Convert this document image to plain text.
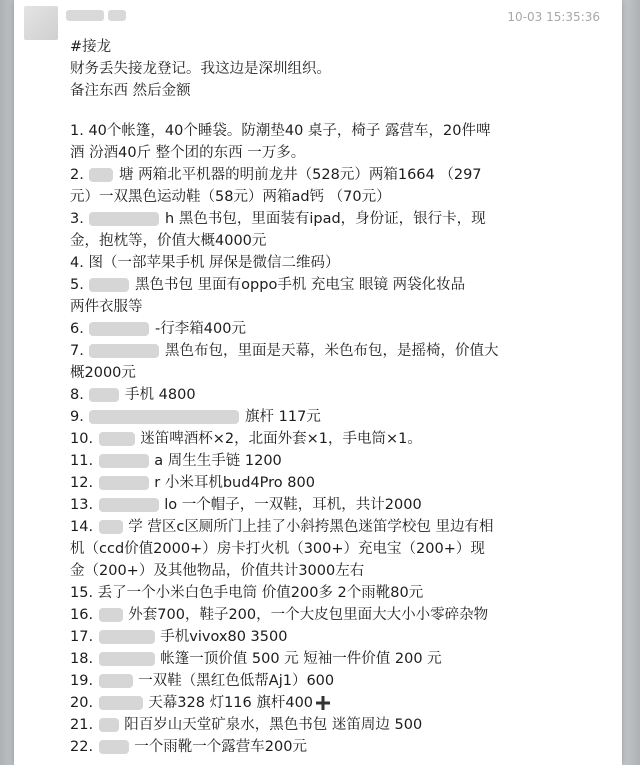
10-03 15:35:36
#接龙
财务丢失接龙登记。我这边是深圳组织。
备注东西 然后金额
1. 40个帐篷，40个睡袋。防潮垫40 桌子，椅子 露营车，20件啤
酒 汾酒40斤 整个团的东西 一万多。
2.  塘 两箱北平机器的明前龙井（528元）两箱1664 （297
元）一双黑色运动鞋（58元）两箱ad钙 （70元）
3.	h 黑色书包，里面装有ipad，身份证，银行卡，现
金，抱枕等，价值大概4000元
4. 图（一部苹果手机 屏保是微信二维码）
5.	黑色书包 里面有oppo手机 充电宝 眼镜 两袋化妆品
两件衣服等
6.	-行李箱400元
7.	黑色布包，里面是天幕，米色布包，是摇椅，价值大
概2000元
8.  手机 4800
9.	旗杆 117元
10.	迷笛啤酒杯×2，北面外套×1，手电筒×1。
11.	a 周生生手链 1200
12.	r 小米耳机bud4Pro 800
13.	lo 一个帽子，一双鞋，耳机，共计2000
14.  学 营区c区厕所门上挂了小斜挎黑色迷笛学校包 里边有相
机（ccd价值2000+）房卡打火机（300+）充电宝（200+）现
金（200+）及其他物品，价值共计3000左右
15. 丢了一个小米白色手电筒 价值200多 2个雨靴80元
16.  外套700，鞋子200，一个大皮包里面大大小小零碎杂物
17.	手机vivox80 3500
18.	帐篷一顶价值 500 元 短袖一件价值 200 元
19.  一双鞋（黑红色低帮Aj1）600
20.	天幕328 灯116 旗杆400
21.  阳百岁山天堂矿泉水，黑色书包 迷笛周边 500
22.  一个雨靴一个露营车200元
